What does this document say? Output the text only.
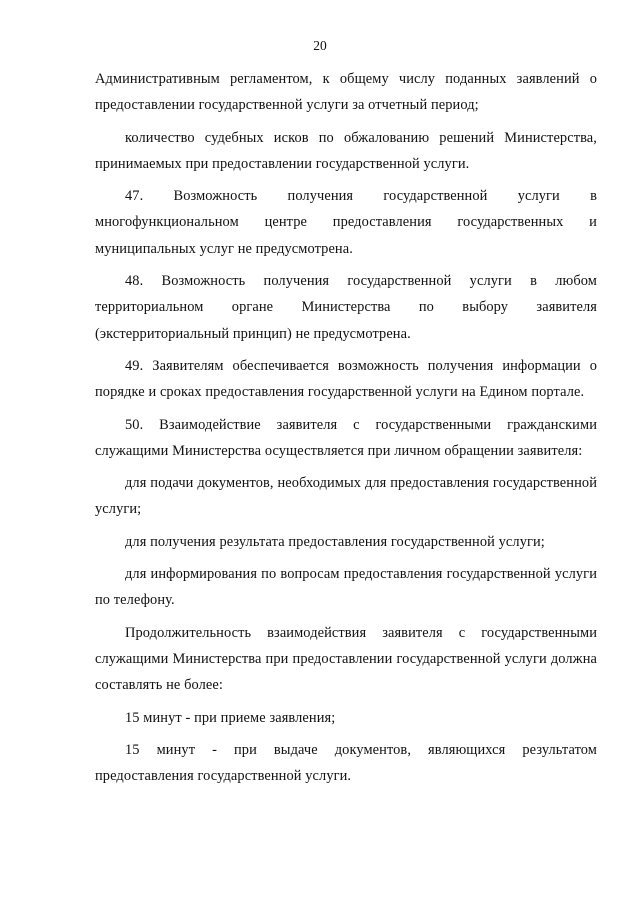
20

Административным регламентом, к общему числу поданных заявлений о предоставлении государственной услуги за отчетный период;

количество судебных исков по обжалованию решений Министерства, принимаемых при предоставлении государственной услуги.

47. Возможность получения государственной услуги в многофункциональном центре предоставления государственных и муниципальных услуг не предусмотрена.

48. Возможность получения государственной услуги в любом территориальном органе Министерства по выбору заявителя (экстерриториальный принцип) не предусмотрена.

49. Заявителям обеспечивается возможность получения информации о порядке и сроках предоставления государственной услуги на Едином портале.

50. Взаимодействие заявителя с государственными гражданскими служащими Министерства осуществляется при личном обращении заявителя:

для подачи документов, необходимых для предоставления государственной услуги;

для получения результата предоставления государственной услуги;

для информирования по вопросам предоставления государственной услуги по телефону.

Продолжительность взаимодействия заявителя с государственными служащими Министерства при предоставлении государственной услуги должна составлять не более:

15 минут - при приеме заявления;

15 минут - при выдаче документов, являющихся результатом предоставления государственной услуги.
